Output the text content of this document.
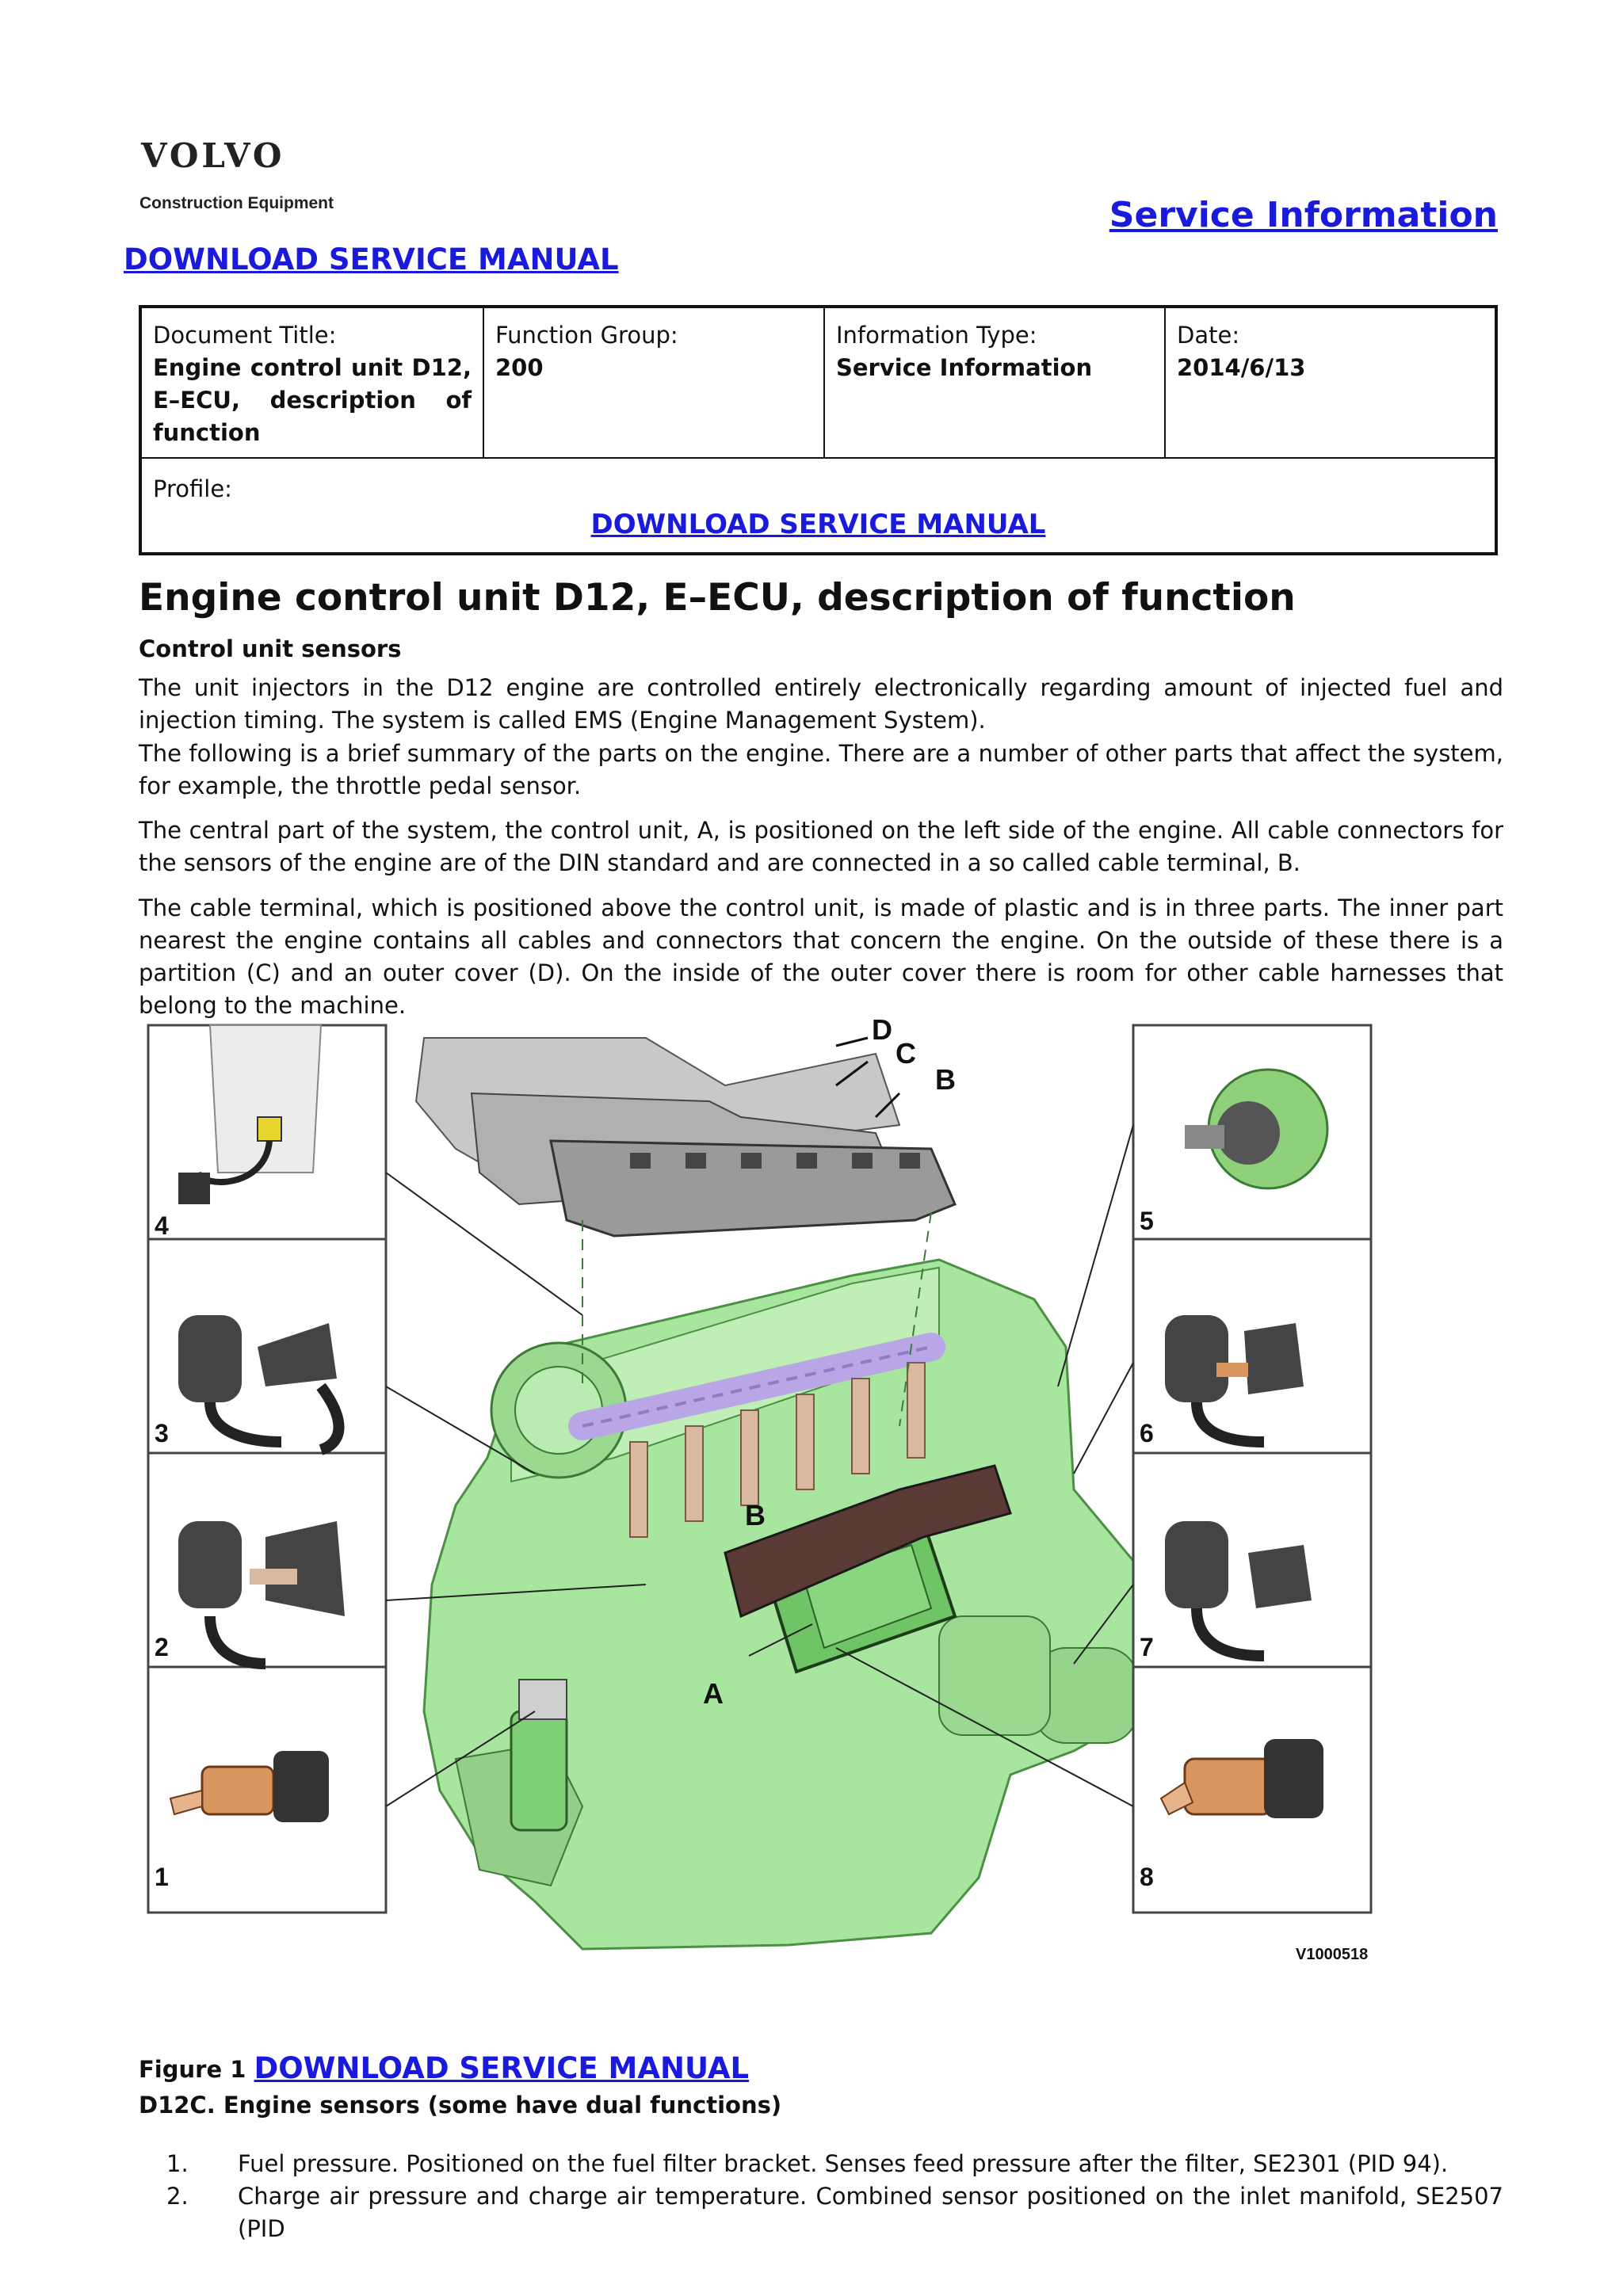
VOLVO
Construction Equipment	Service Information
DOWNLOAD SERVICE MANUAL
Document Title:
Engine control unit D12, E–ECU, description of function

Function Group:
200

Information Type:
Service Information

Date:
2014/6/13

Profile:
DOWNLOAD SERVICE MANUAL
Engine control unit D12, E–ECU, description of function
Control unit sensors
The unit injectors in the D12 engine are controlled entirely electronically regarding amount of injected fuel and injection timing. The system is called EMS (Engine Management System).
The following is a brief summary of the parts on the engine. There are a number of other parts that affect the system, for example, the throttle pedal sensor.
The central part of the system, the control unit, A, is positioned on the left side of the engine. All cable connectors for the sensors of the engine are of the DIN standard and are connected in a so called cable terminal, B.
The cable terminal, which is positioned above the control unit, is made of plastic and is in three parts. The inner part nearest the engine contains all cables and connectors that concern the engine. On the outside of these there is a partition (C) and an outer cover (D). On the inside of the outer cover there is room for other cable harnesses that belong to the machine.
1
2
3
4	5
6
7
8
D
C
B
B
A
V1000518
Figure 1 DOWNLOAD SERVICE MANUAL
D12C. Engine sensors (some have dual functions)
1. Fuel pressure. Positioned on the fuel filter bracket. Senses feed pressure after the filter, SE2301 (PID 94).
2. Charge air pressure and charge air temperature. Combined sensor positioned on the inlet manifold, SE2507 (PID
